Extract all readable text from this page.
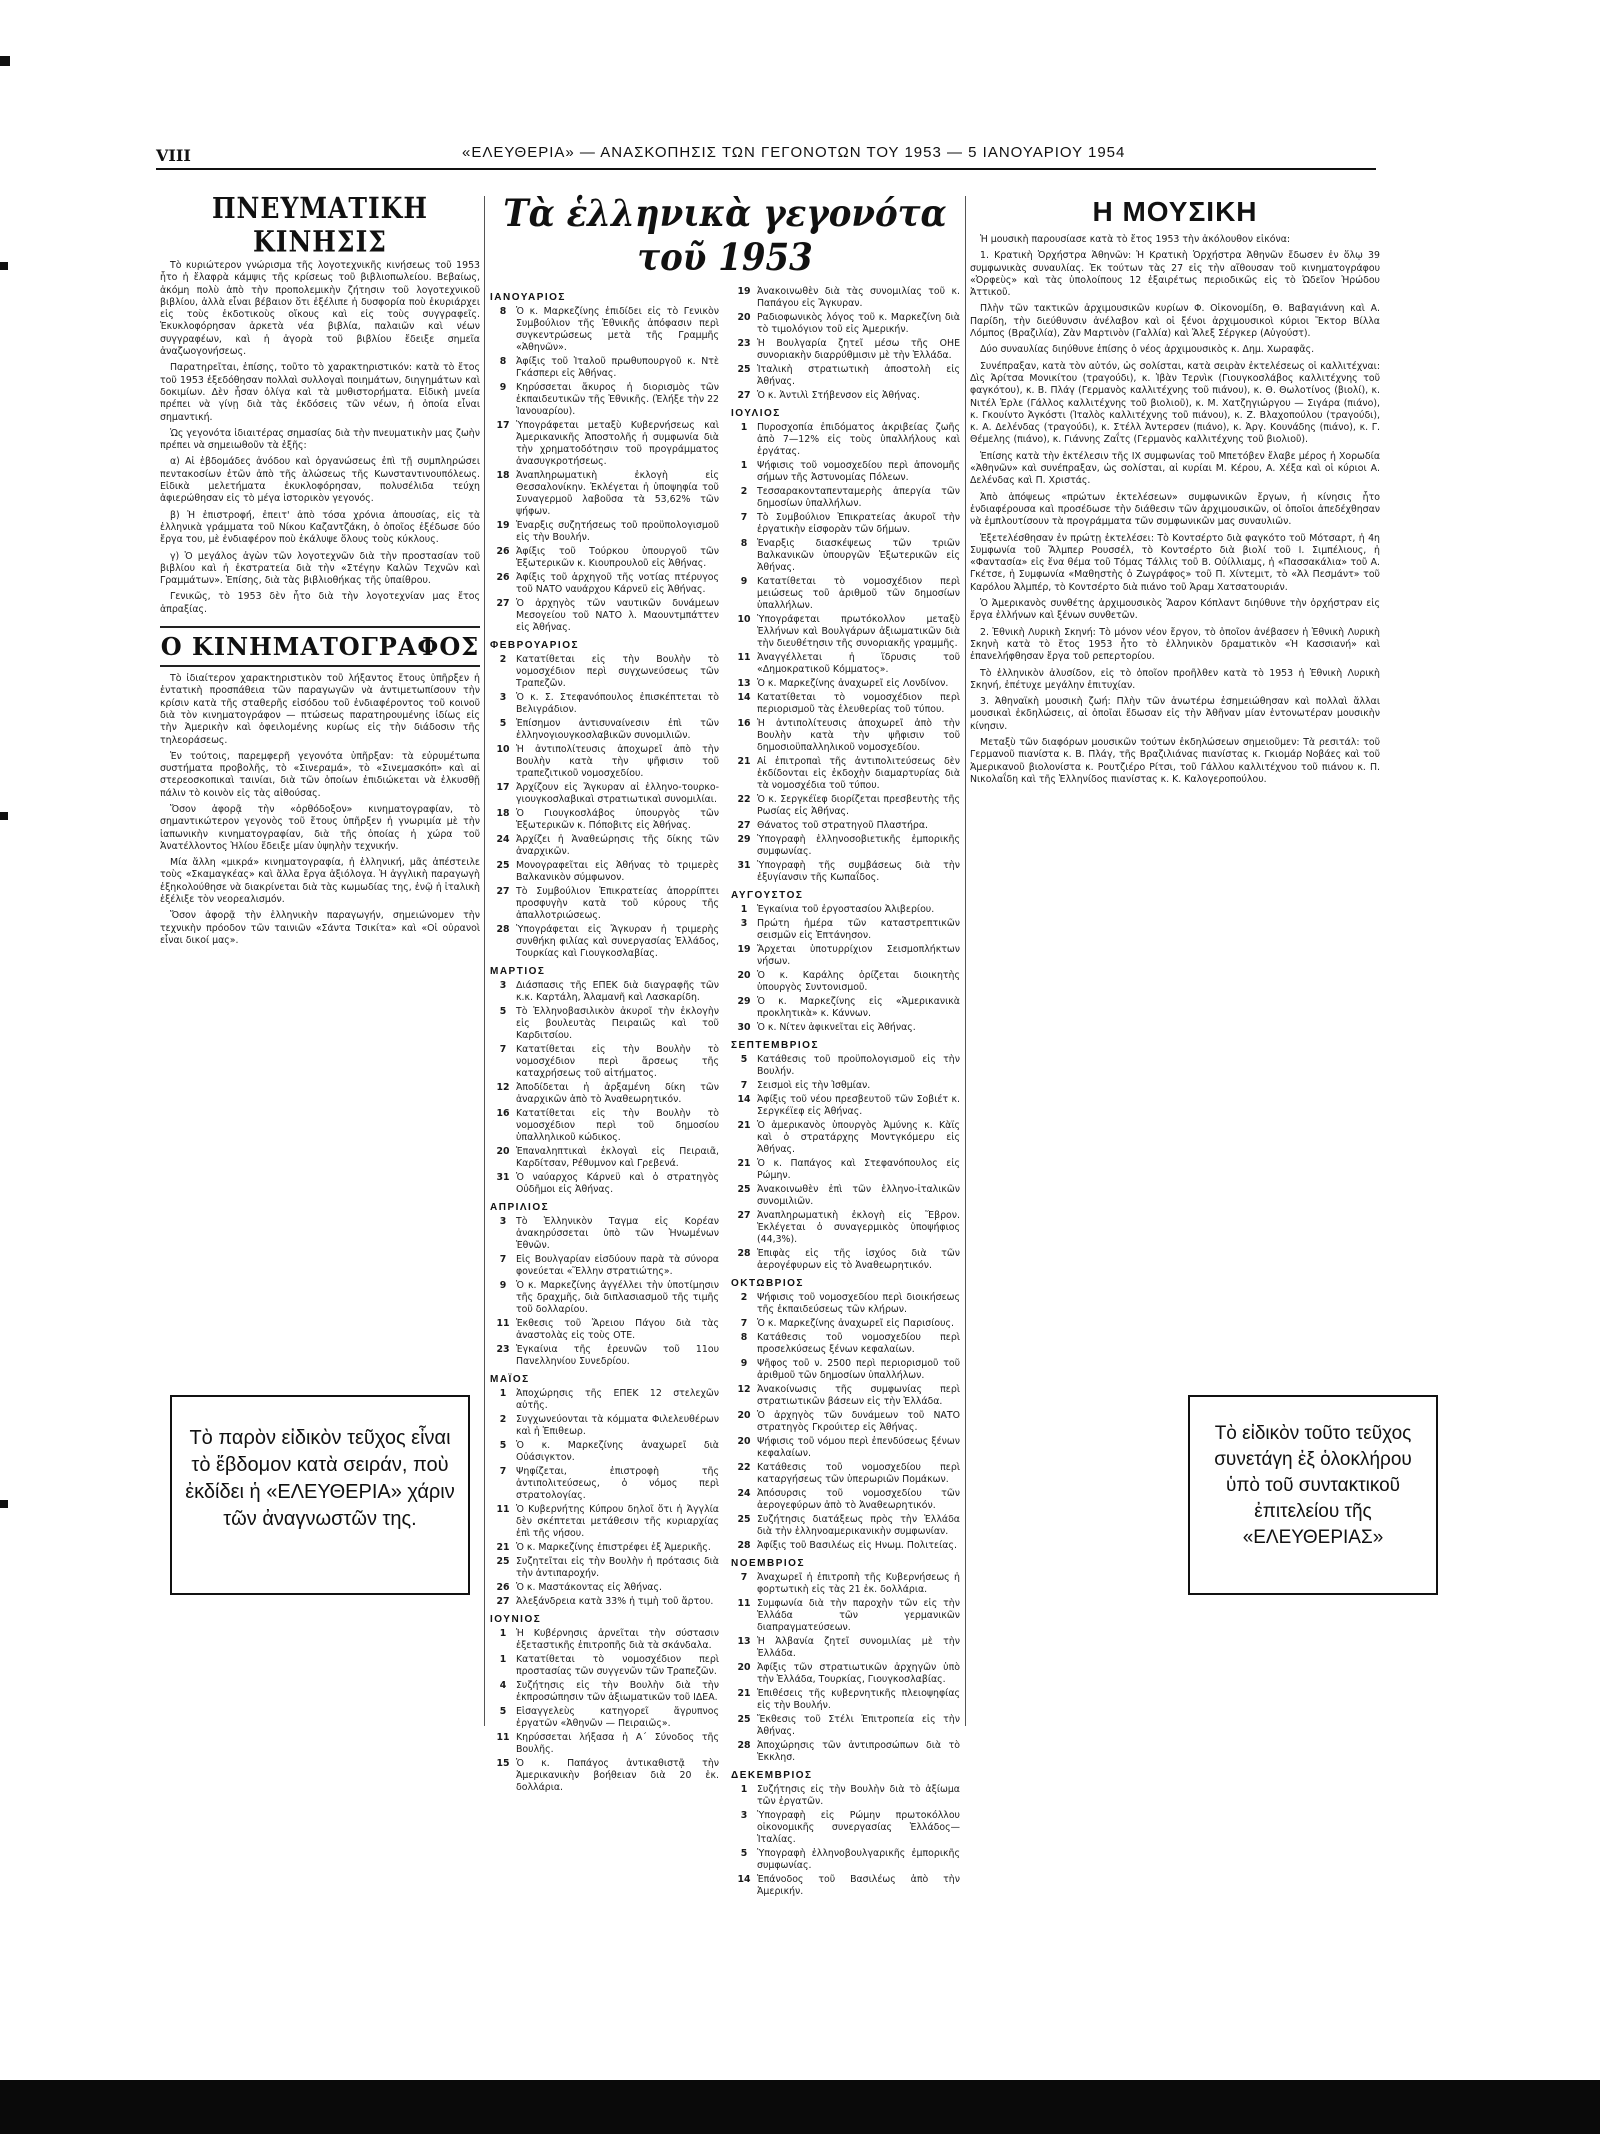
VIII	«ΕΛΕΥΘΕΡΙΑ» — ΑΝΑΣΚΟΠΗΣΙΣ ΤΩΝ ΓΕΓΟΝΟΤΩΝ ΤΟΥ 1953 — 5 ΙΑΝΟΥΑΡΙΟΥ 1954
ΠΝΕΥΜΑΤΙΚΗ ΚΙΝΗΣΙΣ

Τὸ κυριώτερον γνώρισμα τῆς λογοτεχνικῆς κινήσεως τοῦ 1953 ἦτο ἡ ἔλαφρὰ κάμψις τῆς κρίσεως τοῦ βιβλιοπωλείου. Βεβαίως, ἀκόμη πολὺ ἀπὸ τὴν προπολεμικὴν ζήτησιν τοῦ λογοτεχνικοῦ βιβλίου, ἀλλὰ εἶναι βέβαιον ὅτι ἐξέλιπε ἡ δυσφορία ποὺ ἐκυριάρχει εἰς τοὺς ἐκδοτικοὺς οἴκους καὶ εἰς τοὺς συγγραφεῖς. Ἐκυκλοφόρησαν ἀρκετὰ νέα βιβλία, παλαιῶν καὶ νέων συγγραφέων, καὶ ἡ ἀγορὰ τοῦ βιβλίου ἔδειξε σημεῖα ἀναζωογονήσεως.

Παρατηρεῖται, ἐπίσης, τοῦτο τὸ χαρακτηριστικόν: κατὰ τὸ ἔτος τοῦ 1953 ἐξεδόθησαν πολλαὶ συλλογαὶ ποιημάτων, διηγημάτων καὶ δοκιμίων. Δὲν ἦσαν ὀλίγα καὶ τὰ μυθιστορήματα. Εἰδικὴ μνεία πρέπει νὰ γίνῃ διὰ τὰς ἐκδόσεις τῶν νέων, ἡ ὁποία εἶναι σημαντική.

Ὡς γεγονότα ἰδιαιτέρας σημασίας διὰ τὴν πνευματικὴν μας ζωὴν πρέπει νὰ σημειωθοῦν τὰ ἑξῆς:

α) Αἱ ἑβδομάδες ἀνόδου καὶ ὀργανώσεως ἐπὶ τῇ συμπληρώσει πεντακοσίων ἐτῶν ἀπὸ τῆς ἁλώσεως τῆς Κωνσταντινουπόλεως. Εἰδικὰ μελετήματα ἐκυκλοφόρησαν, πολυσέλιδα τεύχη ἀφιερώθησαν εἰς τὸ μέγα ἱστορικὸν γεγονός.

β) Ἡ ἐπιστροφή, ἐπειτ' ἀπὸ τόσα χρόνια ἀπουσίας, εἰς τὰ ἑλληνικὰ γράμματα τοῦ Νίκου Καζαντζάκη, ὁ ὁποῖος ἐξέδωσε δύο ἔργα του, μὲ ἐνδιαφέρον ποὺ ἐκάλυψε ὅλους τοὺς κύκλους.

γ) Ὁ μεγάλος ἀγὼν τῶν λογοτεχνῶν διὰ τὴν προστασίαν τοῦ βιβλίου καὶ ἡ ἐκστρατεία διὰ τὴν «Στέγην Καλῶν Τεχνῶν καὶ Γραμμάτων». Ἐπίσης, διὰ τὰς βιβλιοθήκας τῆς ὑπαίθρου.

Γενικῶς, τὸ 1953 δὲν ἦτο διὰ τὴν λογοτεχνίαν μας ἔτος ἀπραξίας.

Ο ΚΙΝΗΜΑΤΟΓΡΑΦΟΣ

Τὸ ἰδιαίτερον χαρακτηριστικὸν τοῦ λήξαντος ἔτους ὑπῆρξεν ἡ ἐντατικὴ προσπάθεια τῶν παραγωγῶν νὰ ἀντιμετωπίσουν τὴν κρίσιν κατὰ τῆς σταθερῆς εἰσόδου τοῦ ἐνδιαφέροντος τοῦ κοινοῦ διὰ τὸν κινηματογράφον — πτώσεως παρατηρουμένης ἰδίως εἰς τὴν Ἀμερικὴν καὶ ὀφειλομένης κυρίως εἰς τὴν διάδοσιν τῆς τηλεοράσεως.

Ἐν τούτοις, παρεμφερῆ γεγονότα ὑπῆρξαν: τὰ εὐρυμέτωπα συστήματα προβολῆς, τὸ «Σινεραμά», τὸ «Σινεμασκόπ» καὶ αἱ στερεοσκοπικαὶ ταινίαι, διὰ τῶν ὁποίων ἐπιδιώκεται νὰ ἐλκυσθῇ πάλιν τὸ κοινὸν εἰς τὰς αἰθούσας.

Ὅσον ἀφορᾷ τὴν «ὀρθόδοξον» κινηματογραφίαν, τὸ σημαντικώτερον γεγονὸς τοῦ ἔτους ὑπῆρξεν ἡ γνωριμία μὲ τὴν ἰαπωνικὴν κινηματογραφίαν, διὰ τῆς ὁποίας ἡ χώρα τοῦ Ἀνατέλλοντος Ἡλίου ἔδειξε μίαν ὑψηλὴν τεχνικήν.

Μία ἄλλη «μικρά» κινηματογραφία, ἡ ἑλληνική, μᾶς ἀπέστειλε τοὺς «Σκαμαγκέας» καὶ ἄλλα ἔργα ἀξιόλογα. Ἡ ἀγγλικὴ παραγωγὴ ἐξηκολούθησε νὰ διακρίνεται διὰ τὰς κωμωδίας της, ἐνῷ ἡ ἰταλικὴ ἐξέλιξε τὸν νεορεαλισμόν.

Ὅσον ἀφορᾷ τὴν ἑλληνικὴν παραγωγήν, σημειώνομεν τὴν τεχνικὴν πρόοδον τῶν ταινιῶν «Σάντα Τσικίτα» καὶ «Οἱ οὐρανοὶ εἶναι δικοί μας».

Τὸ παρὸν εἰδικὸν τεῦχος εἶναι τὸ ἕβδομον κατὰ σειράν, ποὺ ἐκδίδει ἡ «ΕΛΕΥΘΕΡΙΑ» χάριν τῶν ἀναγνωστῶν της.
Τὰ ἑλληνικὰ γεγονότα τοῦ 1953
ΙΑΝΟΥΑΡΙΟΣ
8	Ὁ κ. Μαρκεζίνης ἐπιδίδει εἰς τὸ Γενικὸν Συμβούλιον τῆς Ἐθνικῆς ἀπόφασιν περὶ συγκεντρώσεως μετὰ τῆς Γραμμῆς «Ἀθηνῶν».
8	Ἀφίξις τοῦ Ἰταλοῦ πρωθυπουργοῦ κ. Ντὲ Γκάσπερι εἰς Ἀθήνας.
9	Κηρύσσεται ἄκυρος ἡ διορισμὸς τῶν ἐκπαιδευτικῶν τῆς Ἐθνικῆς. (Ἐλήξε τὴν 22 Ἰανουαρίου).
17 Ὑπογράφεται μεταξὺ Κυβερνήσεως καὶ Ἀμερικανικῆς Ἀποστολῆς ἡ συμφωνία διὰ τὴν χρηματοδότησιν τοῦ προγράμματος ἀνασυγκροτήσεως.
18 Ἀναπληρωματικὴ ἐκλογὴ εἰς Θεσσαλονίκην. Ἐκλέγεται ἡ ὑποψηφία τοῦ Συναγερμοῦ λαβοῦσα τὰ 53,62% τῶν ψήφων.
19 Ἐναρξις συζητήσεως τοῦ προϋπολογισμοῦ εἰς τὴν Βουλήν.
26 Ἀφίξις τοῦ Τούρκου ὑπουργοῦ τῶν Ἐξωτερικῶν κ. Κιουπρουλοῦ εἰς Ἀθήνας.
26 Ἀφίξις τοῦ ἀρχηγοῦ τῆς νοτίας πτέρυγος τοῦ ΝΑΤΟ ναυάρχου Κάρνεϋ εἰς Ἀθήνας.
27 Ὁ ἀρχηγὸς τῶν ναυτικῶν δυνάμεων Μεσογείου τοῦ ΝΑΤΟ λ. Μαουντμπάττεν εἰς Ἀθήνας.
ΦΕΒΡΟΥΑΡΙΟΣ
2	Κατατίθεται εἰς τὴν Βουλὴν τὸ νομοσχέδιον περὶ συγχωνεύσεως τῶν Τραπεζῶν.
3	Ὁ κ. Σ. Στεφανόπουλος ἐπισκέπτεται τὸ Βελιγράδιον.
5	Ἐπίσημον ἀντισυναίνεσιν ἐπὶ τῶν ἑλληνογιουγκοσλαβικῶν συνομιλιῶν.
10 Ἡ ἀντιπολίτευσις ἀποχωρεῖ ἀπὸ τὴν Βουλὴν κατὰ τὴν ψῆφισιν τοῦ τραπεζιτικοῦ νομοσχεδίου.
17 Ἀρχίζουν εἰς Ἄγκυραν αἱ ἑλληνο-τουρκο-γιουγκοσλαβικαὶ στρατιωτικαὶ συνομιλίαι.
18 Ὁ Γιουγκοσλάβος ὑπουργὸς τῶν Ἐξωτερικῶν κ. Πόποβιτς εἰς Ἀθήνας.
24 Ἀρχίζει ἡ Ἀναθεώρησις τῆς δίκης τῶν ἀναρχικῶν.
25 Μονογραφεῖται εἰς Ἀθήνας τὸ τριμερὲς Βαλκανικὸν σύμφωνον.
27 Τὸ Συμβούλιον Ἐπικρατείας ἀπορρίπτει προσφυγὴν κατὰ τοῦ κύρους τῆς ἀπαλλοτριώσεως.
28 Ὑπογράφεται εἰς Ἄγκυραν ἡ τριμερὴς συνθήκη φιλίας καὶ συνεργασίας Ἑλλάδος, Τουρκίας καὶ Γιουγκοσλαβίας.
ΜΑΡΤΙΟΣ
3	Διάσπασις τῆς ΕΠΕΚ διὰ διαγραφῆς τῶν κ.κ. Καρτάλη, Ἀλαμανῆ καὶ Λασκαρίδη.
5	Τὸ Ἐλληνοβασιλικὸν ἀκυροῖ τὴν ἐκλογὴν εἰς βουλευτὰς Πειραιῶς καὶ τοῦ Καρδιτσίου.
7	Κατατίθεται εἰς τὴν Βουλὴν τὸ νομοσχέδιον περὶ ἄρσεως τῆς καταχρήσεως τοῦ αἰτήματος.
12 Ἀποδίδεται ἡ ἀρξαμένη δίκη τῶν ἀναρχικῶν ἀπὸ τὸ Ἀναθεωρητικόν.
16 Κατατίθεται εἰς τὴν Βουλὴν τὸ νομοσχέδιον περὶ τοῦ δημοσίου ὑπαλληλικοῦ κώδικος.
20 Ἐπαναληπτικαὶ ἐκλογαὶ εἰς Πειραιᾶ, Καρδίτσαν, Ρέθυμνον καὶ Γρεβενά.
31 Ὁ ναύαρχος Κάρνεϋ καὶ ὁ στρατηγὸς Οὐδῆμοι εἰς Ἀθήνας.
ΑΠΡΙΛΙΟΣ
3	Τὸ Ἑλληνικὸν Ταγμα εἰς Κορέαν ἀνακηρύσσεται ὑπὸ τῶν Ἡνωμένων Ἐθνῶν.
7	Εἰς Βουλγαρίαν εἰσδύουν παρὰ τὰ σύνορα φονεύεται «Ἕλλην στρατιώτης».
9	Ὁ κ. Μαρκεζίνης ἀγγέλλει τὴν ὑποτίμησιν τῆς δραχμῆς, διὰ διπλασιασμοῦ τῆς τιμῆς τοῦ δολλαρίου.
11 Ἐκθεσις τοῦ Ἄρειου Πάγου διὰ τὰς ἀναστολὰς εἰς τοὺς ΟΤΕ.
23 Ἐγκαίνια τῆς ἐρευνῶν τοῦ 11ου Πανελληνίου Συνεδρίου.
ΜΑΪΟΣ
1	Ἀποχώρησις τῆς ΕΠΕΚ 12 στελεχῶν αὐτῆς.
2	Συγχωνεύονται τὰ κόμματα Φιλελευθέρων καὶ ἡ Ἐπιθεωρ.
5	Ὁ κ. Μαρκεζίνης ἀναχωρεῖ διὰ Οὐάσιγκτον.
7	Ψηφίζεται, ἐπιστροφὴ τῆς ἀντιπολιτεύσεως, ὁ νόμος περὶ στρατολογίας.
11 Ὁ Κυβερνήτης Κύπρου δηλοῖ ὅτι ἡ Ἀγγλία δὲν σκέπτεται μετάθεσιν τῆς κυριαρχίας ἐπὶ τῆς νήσου.
21 Ὁ κ. Μαρκεζίνης ἐπιστρέφει ἐξ Ἀμερικῆς.
25 Συζητεῖται εἰς τὴν Βουλὴν ἡ πρότασις διὰ τὴν ἀντιπαροχήν.
26 Ὁ κ. Μαστάκοντας εἰς Ἀθήνας.
27 Ἀλεξάνδρεια κατὰ 33% ἡ τιμὴ τοῦ ἄρτου.
ΙΟΥΝΙΟΣ
1	Ἡ Κυβέρνησις ἀρνεῖται τὴν σύστασιν ἐξεταστικῆς ἐπιτροπῆς διὰ τὰ σκάνδαλα.
1	Κατατίθεται τὸ νομοσχέδιον περὶ προστασίας τῶν συγγενῶν τῶν Τραπεζῶν.
4	Συζήτησις εἰς τὴν Βουλὴν διὰ τὴν ἐκπροσώπησιν τῶν ἀξιωματικῶν τοῦ ΙΔΕΑ.
5	Εἰσαγγελεὺς κατηγορεῖ ἄγρυπνος ἐργατῶν «Ἀθηνῶν — Πειραιῶς».
11 Κηρύσσεται λήξασα ἡ Α΄ Σύνοδος τῆς Βουλῆς.
15 Ὁ κ. Παπάγος ἀντικαθιστᾷ τὴν Ἀμερικανικὴν βοήθειαν διὰ 20 ἑκ. δολλάρια.
19 Ἀνακοινωθὲν διὰ τὰς συνομιλίας τοῦ κ. Παπάγου εἰς Ἄγκυραν.
20 Ραδιοφωνικὸς λόγος τοῦ κ. Μαρκεζίνη διὰ τὸ τιμολόγιον τοῦ εἰς Ἀμερικήν.
23 Ἡ Βουλγαρία ζητεῖ μέσω τῆς ΟΗΕ συνοριακὴν διαρρύθμισιν μὲ τὴν Ἑλλάδα.
25 Ἰταλικὴ στρατιωτικὴ ἀποστολὴ εἰς Ἀθήνας.
27 Ὁ κ. Ἀντιλὶ Στήβενσον εἰς Ἀθήνας.
ΙΟΥΛΙΟΣ
1	Πυροσχοπία ἐπιδόματος ἀκριβείας ζωῆς ἀπὸ 7—12% εἰς τοὺς ὑπαλλήλους καὶ ἐργάτας.
1	Ψήφισις τοῦ νομοσχεδίου περὶ ἀπονομῆς σήμων τῆς Ἀστυνομίας Πόλεων.
2	Τεσσαρακονταπενταμερὴς ἀπεργία τῶν δημοσίων ὑπαλλήλων.
7	Τὸ Συμβούλιον Ἐπικρατείας ἀκυροῖ τὴν ἐργατικὴν εἰσφορὰν τῶν δήμων.
8	Ἐναρξις διασκέψεως τῶν τριῶν Βαλκανικῶν ὑπουργῶν Ἐξωτερικῶν εἰς Ἀθήνας.
9	Κατατίθεται τὸ νομοσχέδιον περὶ μειώσεως τοῦ ἀριθμοῦ τῶν δημοσίων ὑπαλλήλων.
10 Ὑπογράφεται πρωτόκολλον μεταξὺ Ἑλλήνων καὶ Βουλγάρων ἀξιωματικῶν διὰ τὴν διευθέτησιν τῆς συνοριακῆς γραμμῆς.
11 Ἀναγγέλλεται ἡ ἵδρυσις τοῦ «Δημοκρατικοῦ Κόμματος».
13 Ὁ κ. Μαρκεζίνης ἀναχωρεῖ εἰς Λονδίνον.
14 Κατατίθεται τὸ νομοσχέδιον περὶ περιορισμοῦ τὰς ἐλευθερίας τοῦ τύπου.
16 Ἡ ἀντιπολίτευσις ἀποχωρεῖ ἀπὸ τὴν Βουλὴν κατὰ τὴν ψῆφισιν τοῦ δημοσιοϋπαλληλικοῦ νομοσχεδίου.
21 Αἱ ἐπιτροπαὶ τῆς ἀντιπολιτεύσεως δὲν ἐκδίδονται εἰς ἐκδοχὴν διαμαρτυρίας διὰ τὰ νομοσχέδια τοῦ τύπου.
22 Ὁ κ. Σεργκέϊεφ διορίζεται πρεσβευτὴς τῆς Ρωσίας εἰς Ἀθήνας.
27 Θάνατος τοῦ στρατηγοῦ Πλαστήρα.
29 Ὑπογραφὴ ἑλληνοσοβιετικῆς ἐμπορικῆς συμφωνίας.
31 Ὑπογραφὴ τῆς συμβάσεως διὰ τὴν ἐξυγίανσιν τῆς Κωπαΐδος.
ΑΥΓΟΥΣΤΟΣ
1	Ἐγκαίνια τοῦ ἐργοστασίου Ἀλιβερίου.
3	Πρώτη ἡμέρα τῶν καταστρεπτικῶν σεισμῶν εἰς Ἑπτάνησον.
19 Ἄρχεται ὑποτυρρίχιον Σεισμοπλήκτων νήσων.
20 Ὁ κ. Καράλης ὁρίζεται διοικητὴς ὑπουργὸς Συντονισμοῦ.
29 Ὁ κ. Μαρκεζίνης εἰς «Ἀμερικανικὰ προκλητικὰ» κ. Κάννων.
30 Ὁ κ. Νίτεν ἀφικνεῖται εἰς Ἀθήνας.
ΣΕΠΤΕΜΒΡΙΟΣ
5	Κατάθεσις τοῦ προϋπολογισμοῦ εἰς τὴν Βουλήν.
7	Σεισμοὶ εἰς τὴν Ἰσθμίαν.
14 Ἀφίξις τοῦ νέου πρεσβευτοῦ τῶν Σοβιέτ κ. Σεργκέϊεφ εἰς Ἀθήνας.
21 Ὁ ἀμερικανὸς ὑπουργὸς Ἀμύνης κ. Κὰϊς καὶ ὁ στρατάρχης Μοντγκόμερυ εἰς Ἀθήνας.
21 Ὁ κ. Παπάγος καὶ Στεφανόπουλος εἰς Ρώμην.
25 Ἀνακοινωθὲν ἐπὶ τῶν ἑλληνο-ἰταλικῶν συνομιλιῶν.
27 Ἀναπληρωματικὴ ἐκλογὴ εἰς Ἕβρον. Ἐκλέγεται ὁ συναγερμικὸς ὑποψήφιος (44,3%).
28 Ἐπιφὰς εἰς τῆς ἰσχύος διὰ τῶν ἀερογέφυρων εἰς τὸ Ἀναθεωρητικόν.
ΟΚΤΩΒΡΙΟΣ
2	Ψήφισις τοῦ νομοσχεδίου περὶ διοικήσεως τῆς ἐκπαιδεύσεως τῶν κλήρων.
7	Ὁ κ. Μαρκεζίνης ἀναχωρεῖ εἰς Παρισίους.
8	Κατάθεσις τοῦ νομοσχεδίου περὶ προσελκύσεως ξένων κεφαλαίων.
9	Ψῆφος τοῦ ν. 2500 περὶ περιορισμοῦ τοῦ ἀριθμοῦ τῶν δημοσίων ὑπαλλήλων.
12 Ἀνακοίνωσις τῆς συμφωνίας περὶ στρατιωτικῶν βάσεων εἰς τὴν Ἑλλάδα.
20 Ὁ ἀρχηγὸς τῶν δυνάμεων τοῦ ΝΑΤΟ στρατηγὸς Γκρούιτερ εἰς Ἀθήνας.
20 Ψήφισις τοῦ νόμου περὶ ἐπενδύσεως ξένων κεφαλαίων.
22 Κατάθεσις τοῦ νομοσχεδίου περὶ καταργήσεως τῶν ὑπερωριῶν Πομάκων.
24 Ἀπόσυρσις τοῦ νομοσχεδίου τῶν ἀερογεφύρων ἀπὸ τὸ Ἀναθεωρητικόν.
25 Συζήτησις διατάξεως πρὸς τὴν Ἑλλάδα διὰ τὴν ἑλληνοαμερικανικὴν συμφωνίαν.
28 Ἀφίξις τοῦ Βασιλέως εἰς Ηνωμ. Πολιτείας.
ΝΟΕΜΒΡΙΟΣ
7	Ἀναχωρεῖ ἡ ἐπιτροπὴ τῆς Κυβερνήσεως ἡ φορτωτικὴ εἰς τὰς 21 ἑκ. δολλάρια.
11 Συμφωνία διὰ τὴν παροχὴν τῶν εἰς τὴν Ἑλλάδα τῶν γερμανικῶν διαπραγματεύσεων.
13 Ἡ Ἀλβανία ζητεῖ συνομιλίας μὲ τὴν Ἑλλάδα.
20 Ἀφίξις τῶν στρατιωτικῶν ἀρχηγῶν ὑπὸ τὴν Ἑλλάδα, Τουρκίας, Γιουγκοσλαβίας.
21 Ἐπιθέσεις τῆς κυβερνητικῆς πλειοψηφίας εἰς τὴν Βουλήν.
25 Ἔκθεσις τοῦ Στέλι Ἐπιτροπεία εἰς τὴν Ἀθήνας.
28 Ἀποχώρησις τῶν ἀντιπροσώπων διὰ τὸ Ἐκκλησ.
ΔΕΚΕΜΒΡΙΟΣ
1	Συζήτησις εἰς τὴν Βουλὴν διὰ τὸ ἀξίωμα τῶν ἐργατῶν.
3	Ὑπογραφὴ εἰς Ρώμην πρωτοκόλλου οἰκονομικῆς συνεργασίας Ἑλλάδος—Ἰταλίας.
5	Ὑπογραφὴ ἑλληνοβουλγαρικῆς ἐμπορικῆς συμφωνίας.
14 Ἐπάνοδος τοῦ Βασιλέως ἀπὸ τὴν Ἀμερικήν.
Η ΜΟΥΣΙΚΗ

Ἡ μουσικὴ παρουσίασε κατὰ τὸ ἔτος 1953 τὴν ἀκόλουθον εἰκόνα:

1. Κρατικὴ Ὀρχήστρα Ἀθηνῶν: Ἡ Κρατικὴ Ὀρχήστρα Ἀθηνῶν ἔδωσεν ἐν ὅλῳ 39 συμφωνικὰς συναυλίας. Ἐκ τούτων τὰς 27 εἰς τὴν αἴθουσαν τοῦ κινηματογράφου «Ὀρφεὺς» καὶ τὰς ὑπολοίπους 12 ἐξαιρέτως περιοδικῶς εἰς τὸ Ὠδεῖον Ἡρώδου Ἀττικοῦ.

Πλὴν τῶν τακτικῶν ἀρχιμουσικῶν κυρίων Φ. Οἰκονομίδη, Θ. Βαβαγιάννη καὶ Α. Παρίδη, τὴν διεύθυνσιν ἀνέλαβον καὶ οἱ ξένοι ἀρχιμουσικοὶ κύριοι Ἔκτορ Βίλλα Λόμπος (Βραζιλία), Ζὰν Μαρτινὸν (Γαλλία) καὶ Ἄλεξ Σέργκερ (Αὐγούστ).

Δύο συναυλίας διηύθυνε ἐπίσης ὁ νέος ἀρχιμουσικὸς κ. Δημ. Χωραφᾶς.

Συνέπραξαν, κατὰ τὸν αὐτόν, ὡς σολίσται, κατὰ σειρὰν ἐκτελέσεως οἱ καλλιτέχναι: Δὶς Ἀρίτσα Μονικίτου (τραγούδι), κ. Ἰβὰν Τερνὶκ (Γιουγκοσλάβος καλλιτέχνης τοῦ φαγκότου), κ. Β. Πλάγ (Γερμανὸς καλλιτέχνης τοῦ πιάνου), κ. Θ. Θωλοτίνος (βιολί), κ. Νιτέλ Ἐρλε (Γάλλος καλλιτέχνης τοῦ βιολιοῦ), κ. Μ. Χατζηγιώργου — Σιγάρα (πιάνο), κ. Γκουίντο Ἀγκόστι (Ἰταλὸς καλλιτέχνης τοῦ πιάνου), κ. Ζ. Βλαχοπούλου (τραγούδι), κ. Α. Δελένδας (τραγούδι), κ. Στέλλ Ἀντερσεν (πιάνο), κ. Ἀργ. Κουνάδης (πιάνο), κ. Γ. Θέμελης (πιάνο), κ. Γιάννης Ζαΐτς (Γερμανὸς καλλιτέχνης τοῦ βιολιοῦ).

Ἐπίσης κατὰ τὴν ἐκτέλεσιν τῆς ΙΧ συμφωνίας τοῦ Μπετόβεν ἔλαβε μέρος ἡ Χορωδία «Ἀθηνῶν» καὶ συνέπραξαν, ὡς σολίσται, αἱ κυρίαι Μ. Κέρου, Α. Χέξα καὶ οἱ κύριοι Α. Δελένδας καὶ Π. Χριστάς.

Ἀπὸ ἀπόψεως «πρώτων ἐκτελέσεων» συμφωνικῶν ἔργων, ἡ κίνησις ἦτο ἐνδιαφέρουσα καὶ προσέδωσε τὴν διάθεσιν τῶν ἀρχιμουσικῶν, οἱ ὁποῖοι ἀπεδέχθησαν νὰ ἐμπλουτίσουν τὰ προγράμματα τῶν συμφωνικῶν μας συναυλιῶν.

Ἐξετελέσθησαν ἐν πρώτῃ ἐκτελέσει: Τὸ Κοντσέρτο διὰ φαγκότο τοῦ Μότσαρτ, ἡ 4η Συμφωνία τοῦ Ἄλμπερ Ρουσσέλ, τὸ Κοντσέρτο διὰ βιολί τοῦ Ι. Σιμπέλιους, ἡ «Φαντασία» εἰς ἕνα θέμα τοῦ Τόμας Τάλλις τοῦ Β. Οὐίλλιαμς, ἡ «Πασσακάλια» τοῦ Α. Γκέτσε, ἡ Συμφωνία «Μαθηστὴς ὁ Ζωγράφος» τοῦ Π. Χίντεμιτ, τὸ «Ἀλ Πεσμάντ» τοῦ Καρόλου Ἀλμπέρ, τὸ Κοντσέρτο διὰ πιάνο τοῦ Ἀραμ Χατσατουριάν.

Ὁ Ἀμερικανὸς συνθέτης ἀρχιμουσικὸς Ἄαρον Κόπλαντ διηύθυνε τὴν ὀρχήστραν εἰς ἔργα ἑλλήνων καὶ ξένων συνθετῶν.

2. Ἐθνικὴ Λυρικὴ Σκηνή: Τὸ μόνον νέον ἔργον, τὸ ὁποῖον ἀνέβασεν ἡ Ἐθνικὴ Λυρικὴ Σκηνὴ κατὰ τὸ ἔτος 1953 ἦτο τὸ ἑλληνικὸν δραματικὸν «Ἡ Κασσιανή» καὶ ἐπανελήφθησαν ἔργα τοῦ ρεπερτορίου.

Τὸ ἐλληνικὸν ἀλυσίδον, εἰς τὸ ὁποῖον προῆλθεν κατὰ τὸ 1953 ἡ Ἐθνικὴ Λυρικὴ Σκηνή, ἐπέτυχε μεγάλην ἐπιτυχίαν.

3. Ἀθηναϊκὴ μουσικὴ ζωή: Πλὴν τῶν ἀνωτέρω ἐσημειώθησαν καὶ πολλαὶ ἄλλαι μουσικαὶ ἐκδηλώσεις, αἱ ὁποῖαι ἔδωσαν εἰς τὴν Ἀθῆναν μίαν ἐντονωτέραν μουσικὴν κίνησιν.

Μεταξὺ τῶν διαφόρων μουσικῶν τούτων ἐκδηλώσεων σημειοῦμεν: Τὰ ρεσιτάλ: τοῦ Γερμανοῦ πιανίστα κ. Β. Πλάγ, τῆς Βραζιλιάνας πιανίστας κ. Γκιομάρ Νοβάες καὶ τοῦ Ἀμερικανοῦ βιολονίστα κ. Ρουτζιέρο Ρίτσι, τοῦ Γάλλου καλλιτέχνου τοῦ πιάνου κ. Π. Νικολαΐδη καὶ τῆς Ἑλληνίδος πιανίστας κ. Κ. Καλογεροπούλου.

Τὸ εἰδικὸν τοῦτο τεῦχος συνετάγη ἐξ ὁλοκλήρου ὑπὸ τοῦ συντακτικοῦ ἐπιτελείου τῆς «ΕΛΕΥΘΕΡΙΑΣ»
